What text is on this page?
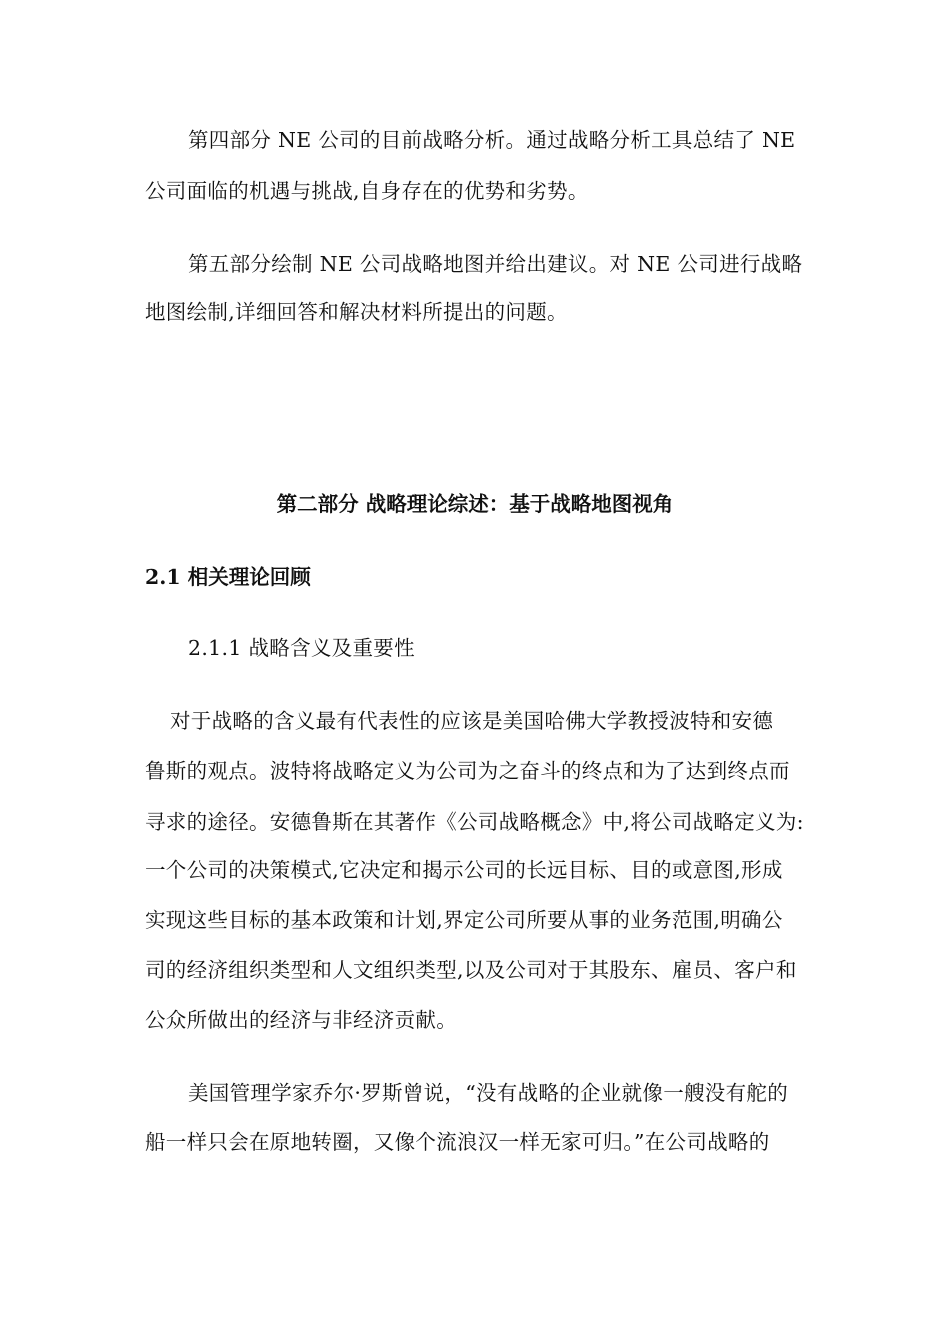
第四部分 NE 公司的目前战略分析。通过战略分析工具总结了 NE
公司面临的机遇与挑战,自身存在的优势和劣势。
第五部分绘制 NE 公司战略地图并给出建议。对 NE 公司进行战略
地图绘制,详细回答和解决材料所提出的问题。
第二部分 战略理论综述：基于战略地图视角
2.1 相关理论回顾
2.1.1 战略含义及重要性
对于战略的含义最有代表性的应该是美国哈佛大学教授波特和安德
鲁斯的观点。波特将战略定义为公司为之奋斗的终点和为了达到终点而
寻求的途径。安德鲁斯在其著作《公司战略概念》中,将公司战略定义为:
一个公司的决策模式,它决定和揭示公司的长远目标、目的或意图,形成
实现这些目标的基本政策和计划,界定公司所要从事的业务范围,明确公
司的经济组织类型和人文组织类型,以及公司对于其股东、雇员、客户和
公众所做出的经济与非经济贡献。
美国管理学家乔尔·罗斯曾说，“没有战略的企业就像一艘没有舵的
船一样只会在原地转圈，又像个流浪汉一样无家可归。”在公司战略的
